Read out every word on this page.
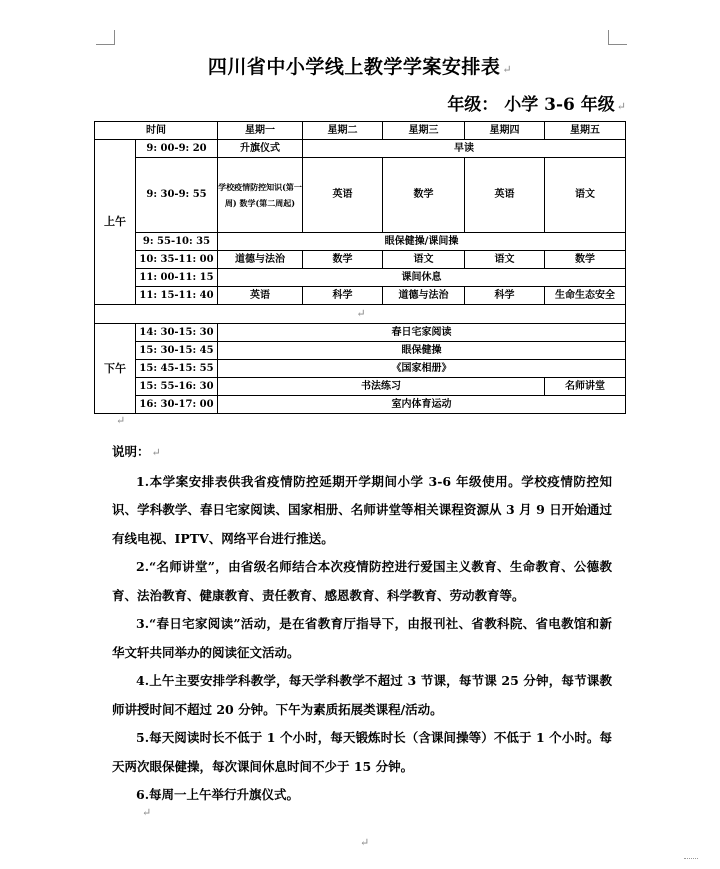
四川省中小学线上教学学案安排表 ↵
年级： 小学 3-6 年级 ↵
时间		星期一	星期二	星期三	星期四	星期五
上午	9: 00-9: 20	升旗仪式	早读			
	9: 30-9: 55	学校疫情防控知识(第一周) 数学(第二周起)	英语	数学	英语	语文
	9: 55-10: 35	眼保健操/课间操				
	10: 35-11: 00	道德与法治	数学	语文	语文	数学
	11: 00-11: 15	课间休息				
	11: 15-11: 40	英语	科学	道德与法治	科学	生命生态安全
↵						
下午	14: 30-15: 30	春日宅家阅读				
	15: 30-15: 45	眼保健操				
	15: 45-15: 55	《国家相册》				
	15: 55-16: 30	书法练习				名师讲堂
	16: 30-17: 00	室内体育运动				
↵

说明： ↵

1.本学案安排表供我省疫情防控延期开学期间小学 3-6 年级使用。学校疫情防控知识、学科教学、春日宅家阅读、国家相册、名师讲堂等相关课程资源从 3 月 9 日开始通过有线电视、IPTV、网络平台进行推送。

2.“名师讲堂”，由省级名师结合本次疫情防控进行爱国主义教育、生命教育、公德教育、法治教育、健康教育、责任教育、感恩教育、科学教育、劳动教育等。

3.“春日宅家阅读”活动，是在省教育厅指导下，由报刊社、省教科院、省电教馆和新华文轩共同举办的阅读征文活动。

4.上午主要安排学科教学，每天学科教学不超过 3 节课，每节课 25 分钟，每节课教师讲授时间不超过 20 分钟。下午为素质拓展类课程/活动。

5.每天阅读时长不低于 1 个小时，每天锻炼时长（含课间操等）不低于 1 个小时。每天两次眼保健操，每次课间休息时间不少于 15 分钟。

6.每周一上午举行升旗仪式。

↵
↵
